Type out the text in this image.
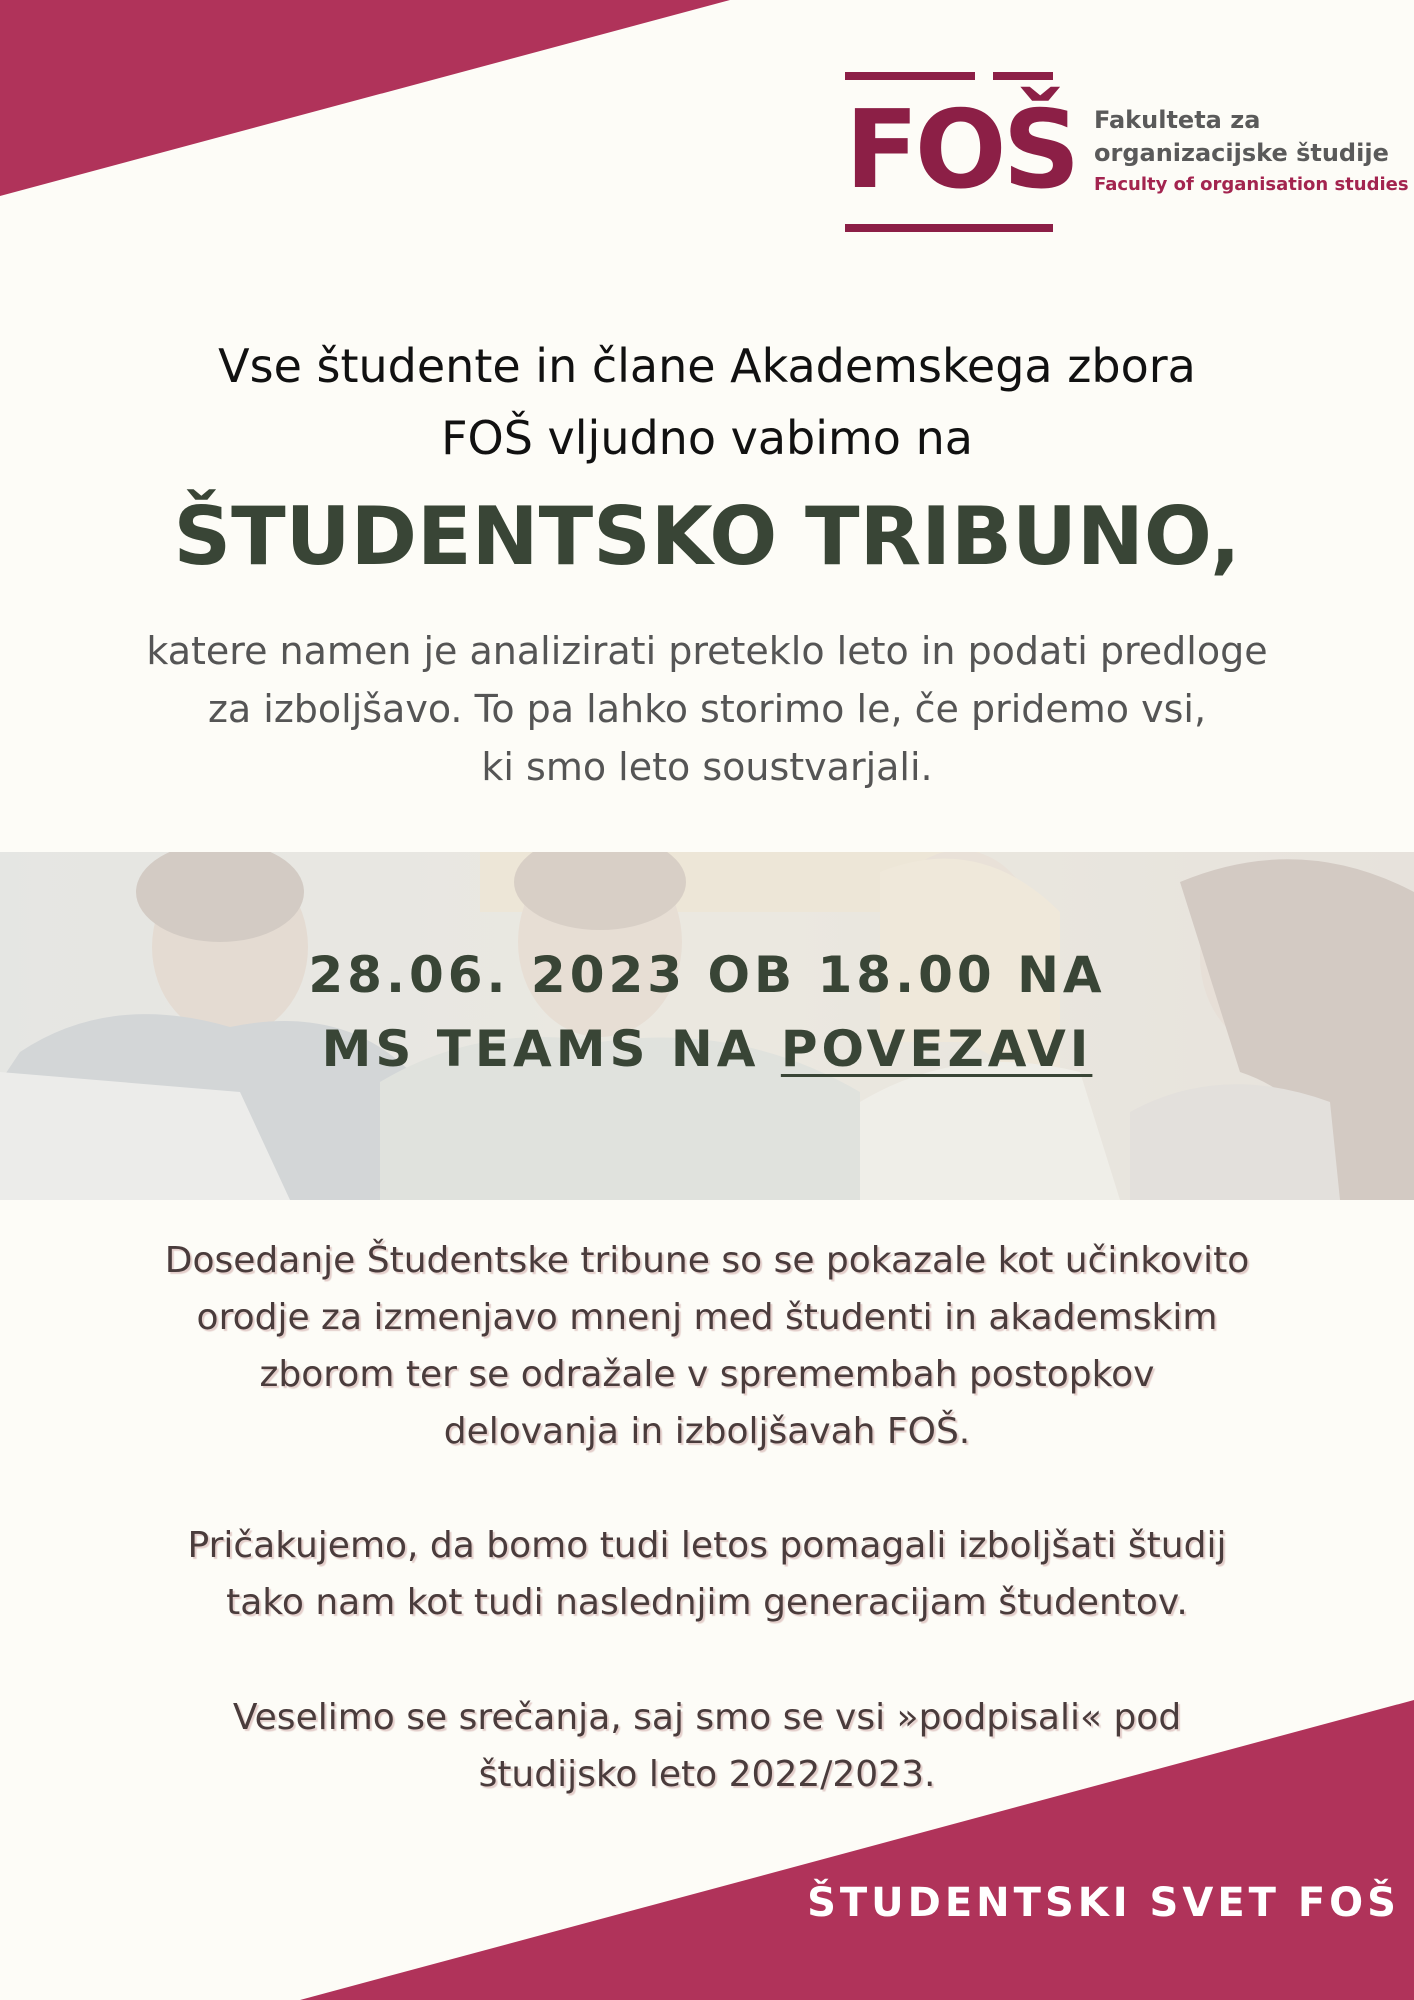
FOŠ Fakulteta za
organizacijske študije
Faculty of organisation studies
Vse študente in člane Akademskega zbora
FOŠ vljudno vabimo na
ŠTUDENTSKO TRIBUNO,
katere namen je analizirati preteklo leto in podati predloge
za izboljšavo. To pa lahko storimo le, če pridemo vsi,
ki smo leto soustvarjali.
28.06. 2023 OB 18.00 NA
MS TEAMS NA POVEZAVI
Dosedanje Študentske tribune so se pokazale kot učinkovito
orodje za izmenjavo mnenj med študenti in akademskim
zborom ter se odražale v spremembah postopkov
delovanja in izboljšavah FOŠ.
Pričakujemo, da bomo tudi letos pomagali izboljšati študij
tako nam kot tudi naslednjim generacijam študentov.
Veselimo se srečanja, saj smo se vsi »podpisali« pod
študijsko leto 2022/2023.
ŠTUDENTSKI SVET FOŠ
